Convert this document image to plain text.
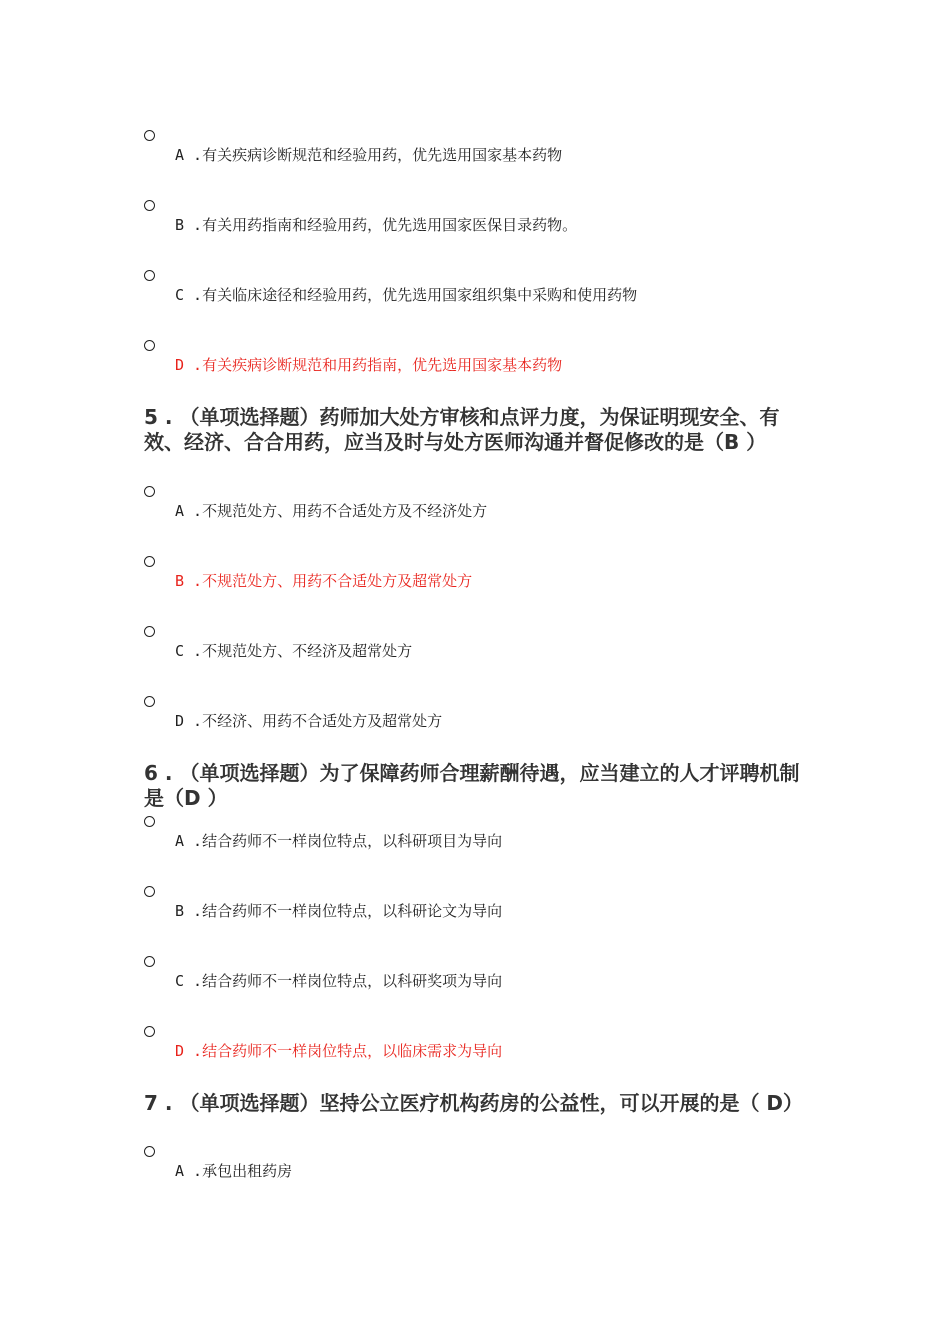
A .有关疾病诊断规范和经验用药，优先选用国家基本药物
B .有关用药指南和经验用药，优先选用国家医保目录药物。
C .有关临床途径和经验用药，优先选用国家组织集中采购和使用药物
D .有关疾病诊断规范和用药指南，优先选用国家基本药物
5 . （单项选择题）药师加大处方审核和点评力度，为保证明现安全、有效、经济、合合用药，应当及时与处方医师沟通并督促修改的是（B ）
A .不规范处方、用药不合适处方及不经济处方
B .不规范处方、用药不合适处方及超常处方
C .不规范处方、不经济及超常处方
D .不经济、用药不合适处方及超常处方
6 . （单项选择题）为了保障药师合理薪酬待遇，应当建立的人才评聘机制是（D ）
A .结合药师不一样岗位特点，以科研项目为导向
B .结合药师不一样岗位特点，以科研论文为导向
C .结合药师不一样岗位特点，以科研奖项为导向
D .结合药师不一样岗位特点，以临床需求为导向
7 . （单项选择题）坚持公立医疗机构药房的公益性，可以开展的是（ D）
A .承包出租药房
